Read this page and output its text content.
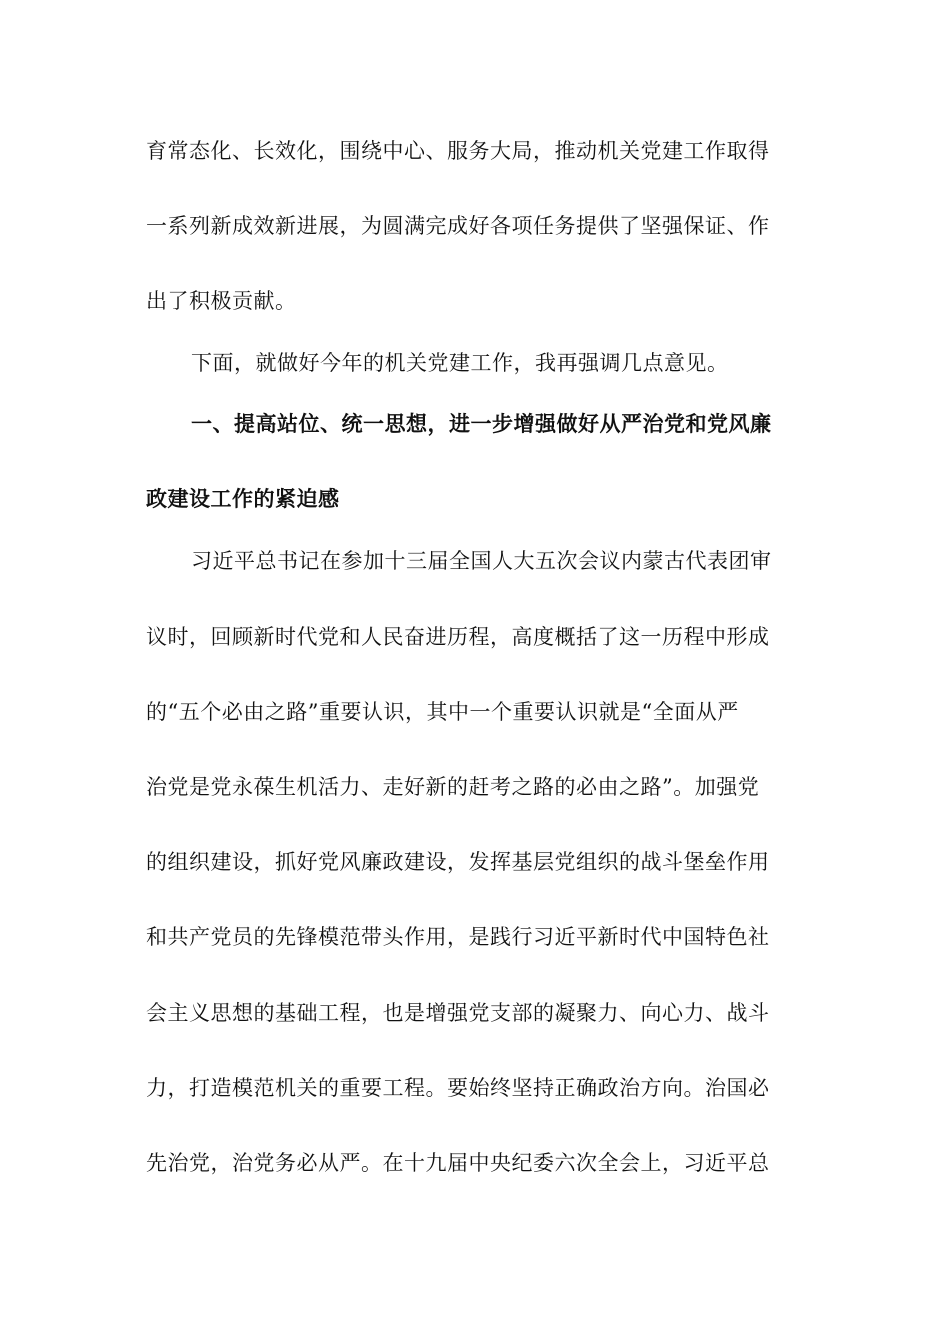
育常态化、长效化，围绕中心、服务大局，推动机关党建工作取得
一系列新成效新进展，为圆满完成好各项任务提供了坚强保证、作
出了积极贡献。
下面，就做好今年的机关党建工作，我再强调几点意见。
一、提高站位、统一思想，进一步增强做好从严治党和党风廉
政建设工作的紧迫感
习近平总书记在参加十三届全国人大五次会议内蒙古代表团审
议时，回顾新时代党和人民奋进历程，高度概括了这一历程中形成
的“五个必由之路”重要认识，其中一个重要认识就是“全面从严
治党是党永葆生机活力、走好新的赶考之路的必由之路”。加强党
的组织建设，抓好党风廉政建设，发挥基层党组织的战斗堡垒作用
和共产党员的先锋模范带头作用，是践行习近平新时代中国特色社
会主义思想的基础工程，也是增强党支部的凝聚力、向心力、战斗
力，打造模范机关的重要工程。要始终坚持正确政治方向。治国必
先治党，治党务必从严。在十九届中央纪委六次全会上，习近平总
